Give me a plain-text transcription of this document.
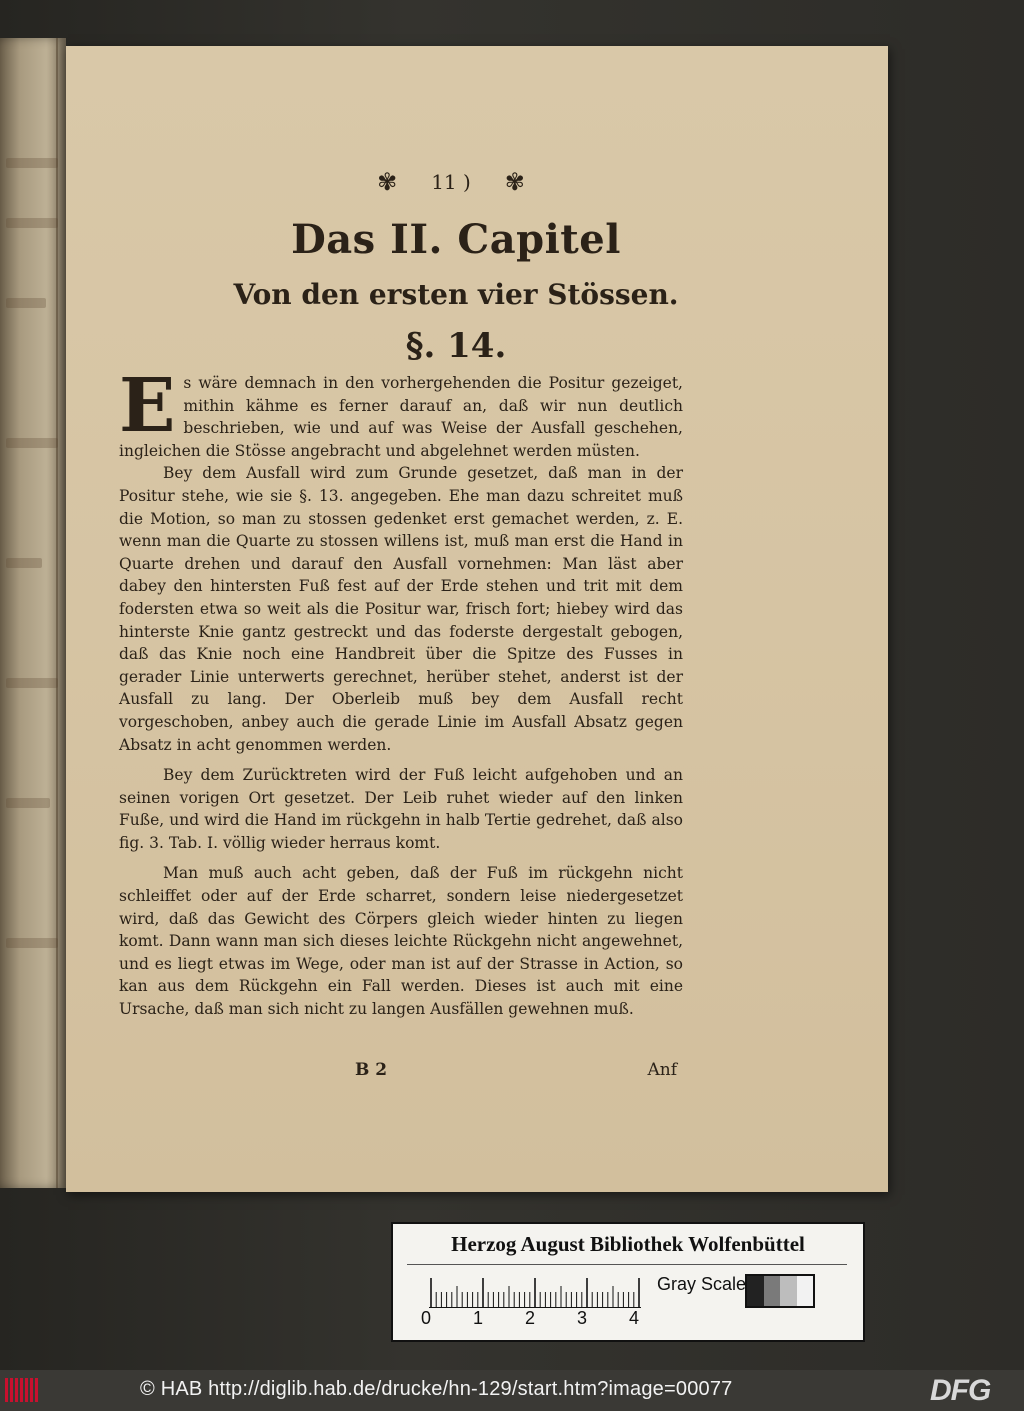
✾ 11 ) ✾
Das II. Capitel
Von den ersten vier Stössen.
§. 14.

Es wäre demnach in den vorhergehenden die Positur gezeiget, mithin kähme es ferner darauf an, daß wir nun deutlich beschrieben, wie und auf was Weise der Ausfall geschehen, ingleichen die Stösse angebracht und abgelehnet werden müsten.

Bey dem Ausfall wird zum Grunde gesetzet, daß man in der Positur stehe, wie sie §. 13. angegeben. Ehe man dazu schreitet muß die Motion, so man zu stossen gedenket erst gemachet werden, z. E. wenn man die Quarte zu stossen willens ist, muß man erst die Hand in Quarte drehen und darauf den Ausfall vornehmen: Man läst aber dabey den hintersten Fuß fest auf der Erde stehen und trit mit dem fodersten etwa so weit als die Positur war, frisch fort; hiebey wird das hinterste Knie gantz gestreckt und das foderste dergestalt gebogen, daß das Knie noch eine Handbreit über die Spitze des Fusses in gerader Linie unterwerts gerechnet, herüber stehet, anderst ist der Ausfall zu lang. Der Oberleib muß bey dem Ausfall recht vorgeschoben, anbey auch die gerade Linie im Ausfall Absatz gegen Absatz in acht genommen werden.

Bey dem Zurücktreten wird der Fuß leicht aufgehoben und an seinen vorigen Ort gesetzet. Der Leib ruhet wieder auf den linken Fuße, und wird die Hand im rückgehn in halb Tertie gedrehet, daß also fig. 3. Tab. I. völlig wieder herraus komt.

Man muß auch acht geben, daß der Fuß im rückgehn nicht schleiffet oder auf der Erde scharret, sondern leise niedergesetzet wird, daß das Gewicht des Cörpers gleich wieder hinten zu liegen komt. Dann wann man sich dieses leichte Rückgehn nicht angewehnet, und es liegt etwas im Wege, oder man ist auf der Strasse in Action, so kan aus dem Rückgehn ein Fall werden. Dieses ist auch mit eine Ursache, daß man sich nicht zu langen Ausfällen gewehnen muß.

B 2	Anf
Herzog August Bibliothek Wolfenbüttel
0 1 2 3 4
Gray Scale
© HAB http://diglib.hab.de/drucke/hn-129/start.htm?image=00077	DFG
